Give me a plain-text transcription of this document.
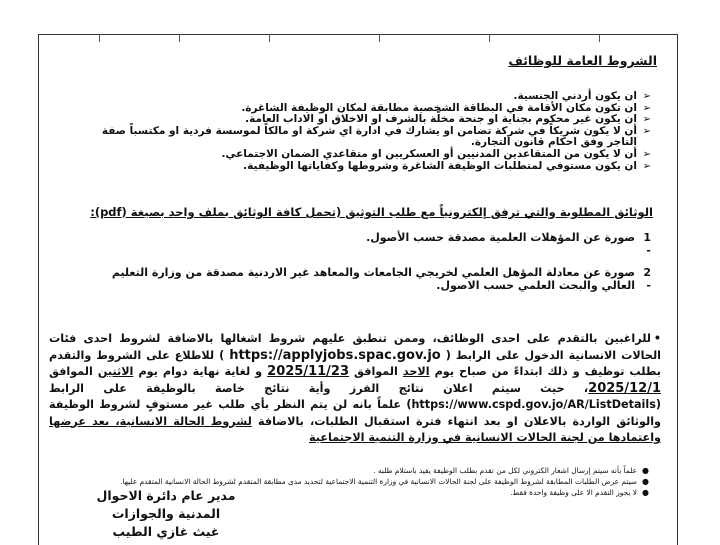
الشروط العامة للوظائف
➢
ان يكون أردني الجنسية.
➢
ان تكون مكان الأقامة في البطاقة الشخصية مطابقة لمكان الوظيفة الشاغرة.
➢
ان يكون غير محكوم بجناية او جنحة مخلّة بالشرف او الاخلاق او الاداب العامة.
➢
أن لا يكون شريكاً في شركة تضامن او يشارك في ادارة اي شركة او مالكاً لموسسة فردية او مكتسباً صفة التاجر وفق احكام قانون التجارة.
➢
أن لا يكون من المتقاعدين المدنيين أو العسكريين او متقاعدي الضمان الاجتماعي.
➢
ان يكون مستوفي لمتطلبات الوظيفة الشاغرة وشروطها وكفاياتها الوظيفية.
الوثائق المطلوبة والتي ترفق إلكترونياً مع طلب التوثيق (تحمل كافة الوثائق بملف واحد بصيغة (pdf):
1 -
صورة عن المؤهلات العلمية مصدقة حسب الأصول.
2 -
صورة عن معادلة المؤهل العلمي لخريجي الجامعات والمعاهد غير الاردنية مصدقة من وزارة التعليم العالي والبحث العلمي حسب الاصول.
•للراغبين بالتقدم على احدى الوظائف، وممن تنطبق عليهم شروط اشغالها بالاضافة لشروط احدى فئات الحالات الانسانية الدخول على الرابط ( https://applyjobs.spac.gov.jo ) للاطلاع على الشروط والتقدم بطلب توظيف و ذلك ابتداءً من صباح يوم الاحد الموافق 2025/11/23 و لغاية نهاية دوام يوم الاثنين الموافق 2025/12/1، حيث سيتم اعلان نتائج الفرز وأية نتائج خاصة بالوظيفة على الرابط (https://www.cspd.gov.jo/AR/ListDetails) علماً بانه لن يتم النظر بأي طلب غير مستوفٍ لشروط الوظيفة والوثائق الواردة بالاعلان او بعد انتهاء فترة استقبال الطلبات، بالاضافة لشروط الحالة الانسانية، بعد عرضها واعتمادها من لجنة الحالات الانسانية في وزارة التنمية الاجتماعية
●
علماً بأنه سيتم إرسال اشعار الكتروني لكل من تقدم بطلب الوظيفة يفيد باستلام طلبه .
●
سيتم عرض الطلبات المطابقة لشروط الوظيفة على لجنة الحالات الانسانية في وزارة التنمية الاجتماعية لتحديد مدى مطابقة المتقدم لشروط الحالة الانسانية المتقدم عليها.
●
لا يجوز التقدم الا على وظيفة واحدة فقط.
مدير عام دائرة الاحوال المدنية والجوازات
غيث غازي الطيب
